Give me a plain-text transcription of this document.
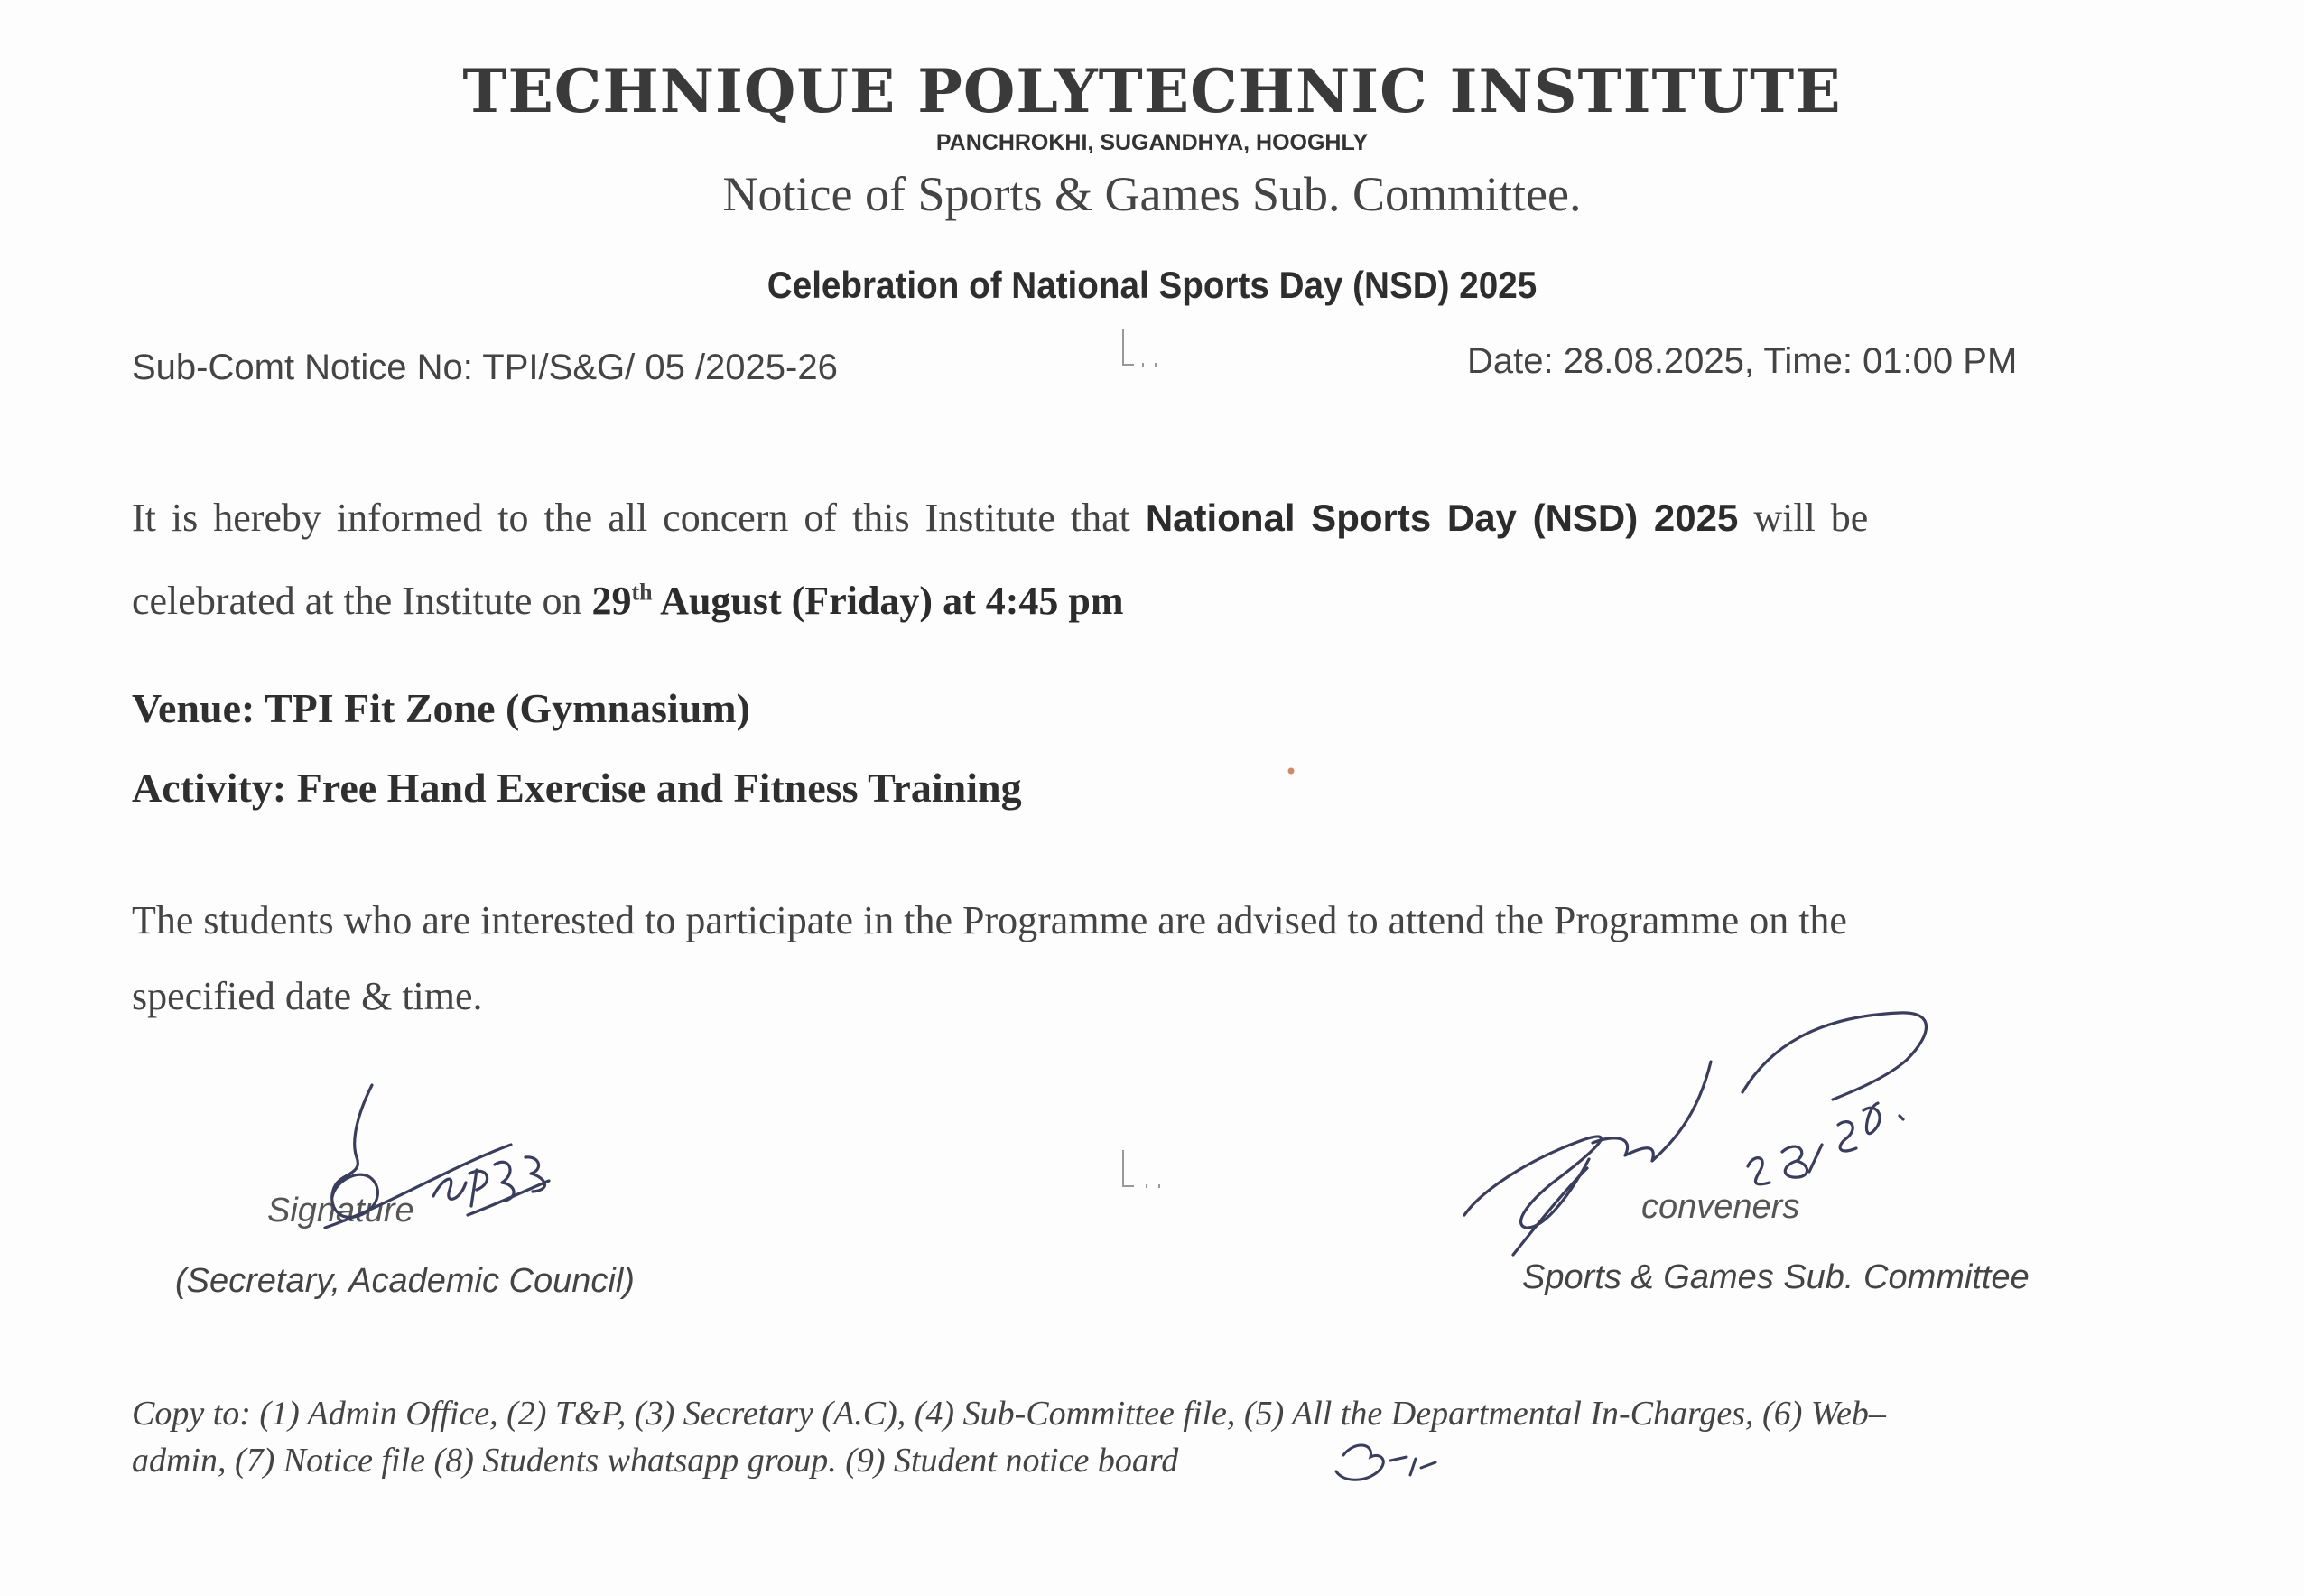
TECHNIQUE POLYTECHNIC INSTITUTE
PANCHROKHI, SUGANDHYA, HOOGHLY
Notice of Sports & Games Sub. Committee.
Celebration of National Sports Day (NSD) 2025
Sub-Comt Notice No: TPI/S&G/ 05 /2025-26	Date: 28.08.2025, Time: 01:00 PM
It is hereby informed to the all concern of this Institute that National Sports Day (NSD) 2025 will be
celebrated at the Institute on 29th August (Friday) at 4:45 pm
Venue: TPI Fit Zone (Gymnasium)
Activity: Free Hand Exercise and Fitness Training
The students who are interested to participate in the Programme are advised to attend the Programme on the
specified date & time.
Signature
(Secretary, Academic Council)
conveners
Sports & Games Sub. Committee
Copy to: (1) Admin Office, (2) T&P, (3) Secretary (A.C), (4) Sub-Committee file, (5) All the Departmental In-Charges, (6) Web–
admin, (7) Notice file (8) Students whatsapp group. (9) Student notice board
